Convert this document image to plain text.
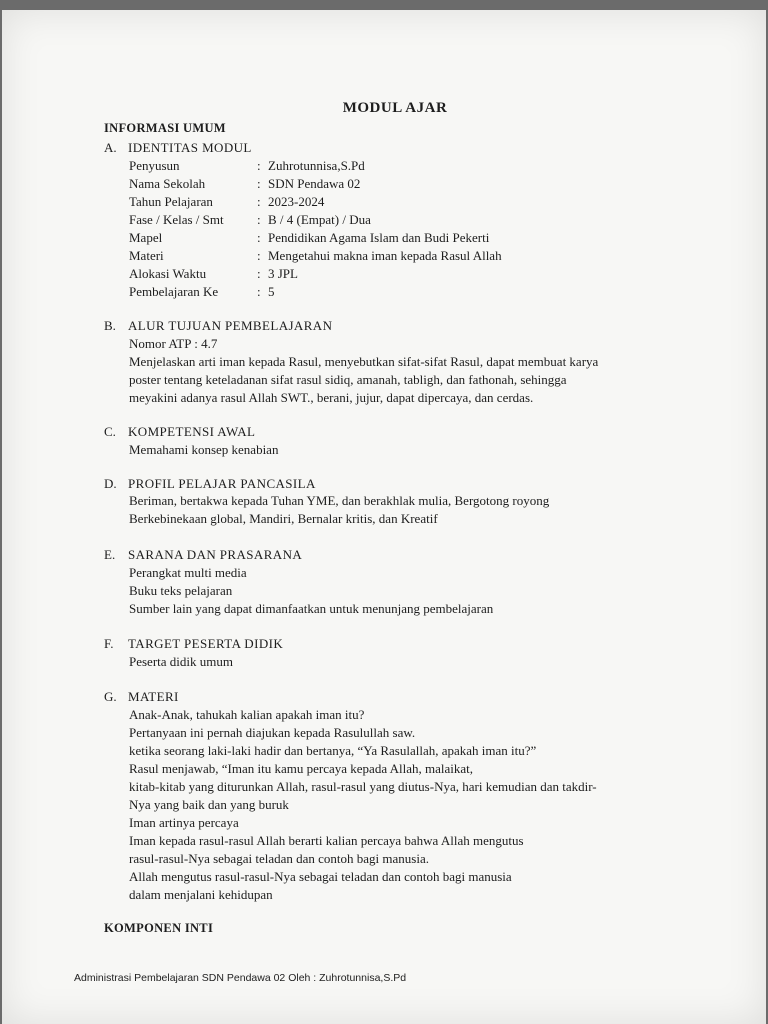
MODUL AJAR
INFORMASI UMUM
A. IDENTITAS MODUL
Penyusun	: Zuhrotunnisa,S.Pd
Nama Sekolah	: SDN Pendawa 02
Tahun Pelajaran	: 2023-2024
Fase / Kelas / Smt	: B / 4 (Empat) / Dua
Mapel	: Pendidikan Agama Islam dan Budi Pekerti
Materi	: Mengetahui makna iman kepada Rasul Allah
Alokasi Waktu	: 3 JPL
Pembelajaran Ke	: 5
B. ALUR TUJUAN PEMBELAJARAN
Nomor ATP : 4.7
Menjelaskan arti iman kepada Rasul, menyebutkan sifat-sifat Rasul, dapat membuat karya
poster tentang keteladanan sifat rasul sidiq, amanah, tabligh, dan fathonah, sehingga
meyakini adanya rasul Allah SWT., berani, jujur, dapat dipercaya, dan cerdas.
C. KOMPETENSI AWAL
Memahami konsep kenabian
D. PROFIL PELAJAR PANCASILA
Beriman, bertakwa kepada Tuhan YME, dan berakhlak mulia, Bergotong royong
Berkebinekaan global, Mandiri, Bernalar kritis, dan Kreatif
E. SARANA DAN PRASARANA
Perangkat multi media
Buku teks pelajaran
Sumber lain yang dapat dimanfaatkan untuk menunjang pembelajaran
F. TARGET PESERTA DIDIK
Peserta didik umum
G. MATERI
Anak-Anak, tahukah kalian apakah iman itu?
Pertanyaan ini pernah diajukan kepada Rasulullah saw.
ketika seorang laki-laki hadir dan bertanya, “Ya Rasulallah, apakah iman itu?”
Rasul menjawab, “Iman itu kamu percaya kepada Allah, malaikat,
kitab-kitab yang diturunkan Allah, rasul-rasul yang diutus-Nya, hari kemudian dan takdir-
Nya yang baik dan yang buruk
Iman artinya percaya
Iman kepada rasul-rasul Allah berarti kalian percaya bahwa Allah mengutus
rasul-rasul-Nya sebagai teladan dan contoh bagi manusia.
Allah mengutus rasul-rasul-Nya sebagai teladan dan contoh bagi manusia
dalam menjalani kehidupan
KOMPONEN INTI
Administrasi Pembelajaran SDN Pendawa 02 Oleh : Zuhrotunnisa,S.Pd
